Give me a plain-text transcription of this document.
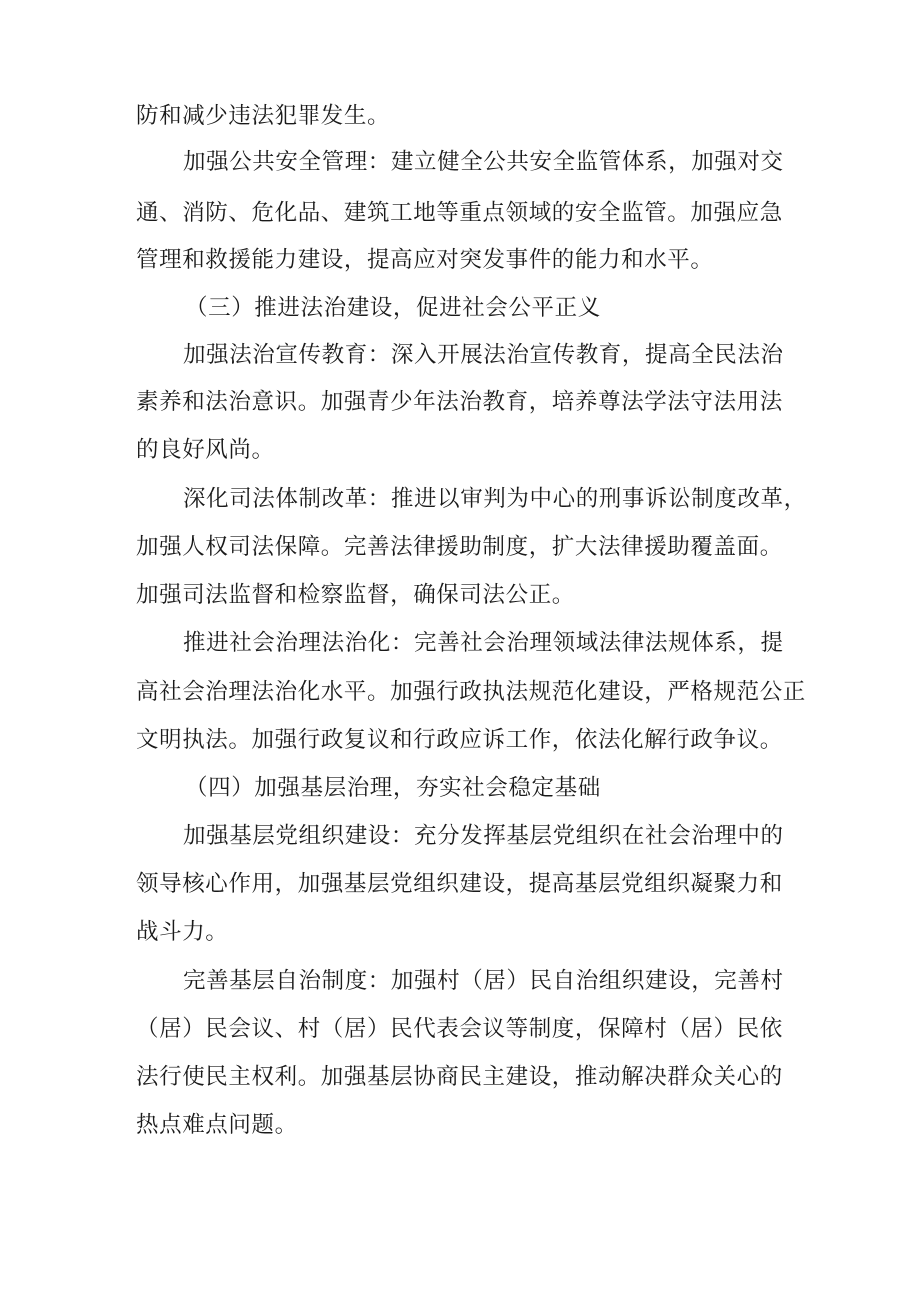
防和减少违法犯罪发生。

加强公共安全管理：建立健全公共安全监管体系，加强对交

通、消防、危化品、建筑工地等重点领域的安全监管。加强应急

管理和救援能力建设，提高应对突发事件的能力和水平。

（三）推进法治建设，促进社会公平正义

加强法治宣传教育：深入开展法治宣传教育，提高全民法治

素养和法治意识。加强青少年法治教育，培养尊法学法守法用法

的良好风尚。

深化司法体制改革：推进以审判为中心的刑事诉讼制度改革，

加强人权司法保障。完善法律援助制度，扩大法律援助覆盖面。

加强司法监督和检察监督，确保司法公正。

推进社会治理法治化：完善社会治理领域法律法规体系，提

高社会治理法治化水平。加强行政执法规范化建设，严格规范公正

文明执法。加强行政复议和行政应诉工作，依法化解行政争议。

（四）加强基层治理，夯实社会稳定基础

加强基层党组织建设：充分发挥基层党组织在社会治理中的

领导核心作用，加强基层党组织建设，提高基层党组织凝聚力和

战斗力。

完善基层自治制度：加强村（居）民自治组织建设，完善村

（居）民会议、村（居）民代表会议等制度，保障村（居）民依

法行使民主权利。加强基层协商民主建设，推动解决群众关心的

热点难点问题。
